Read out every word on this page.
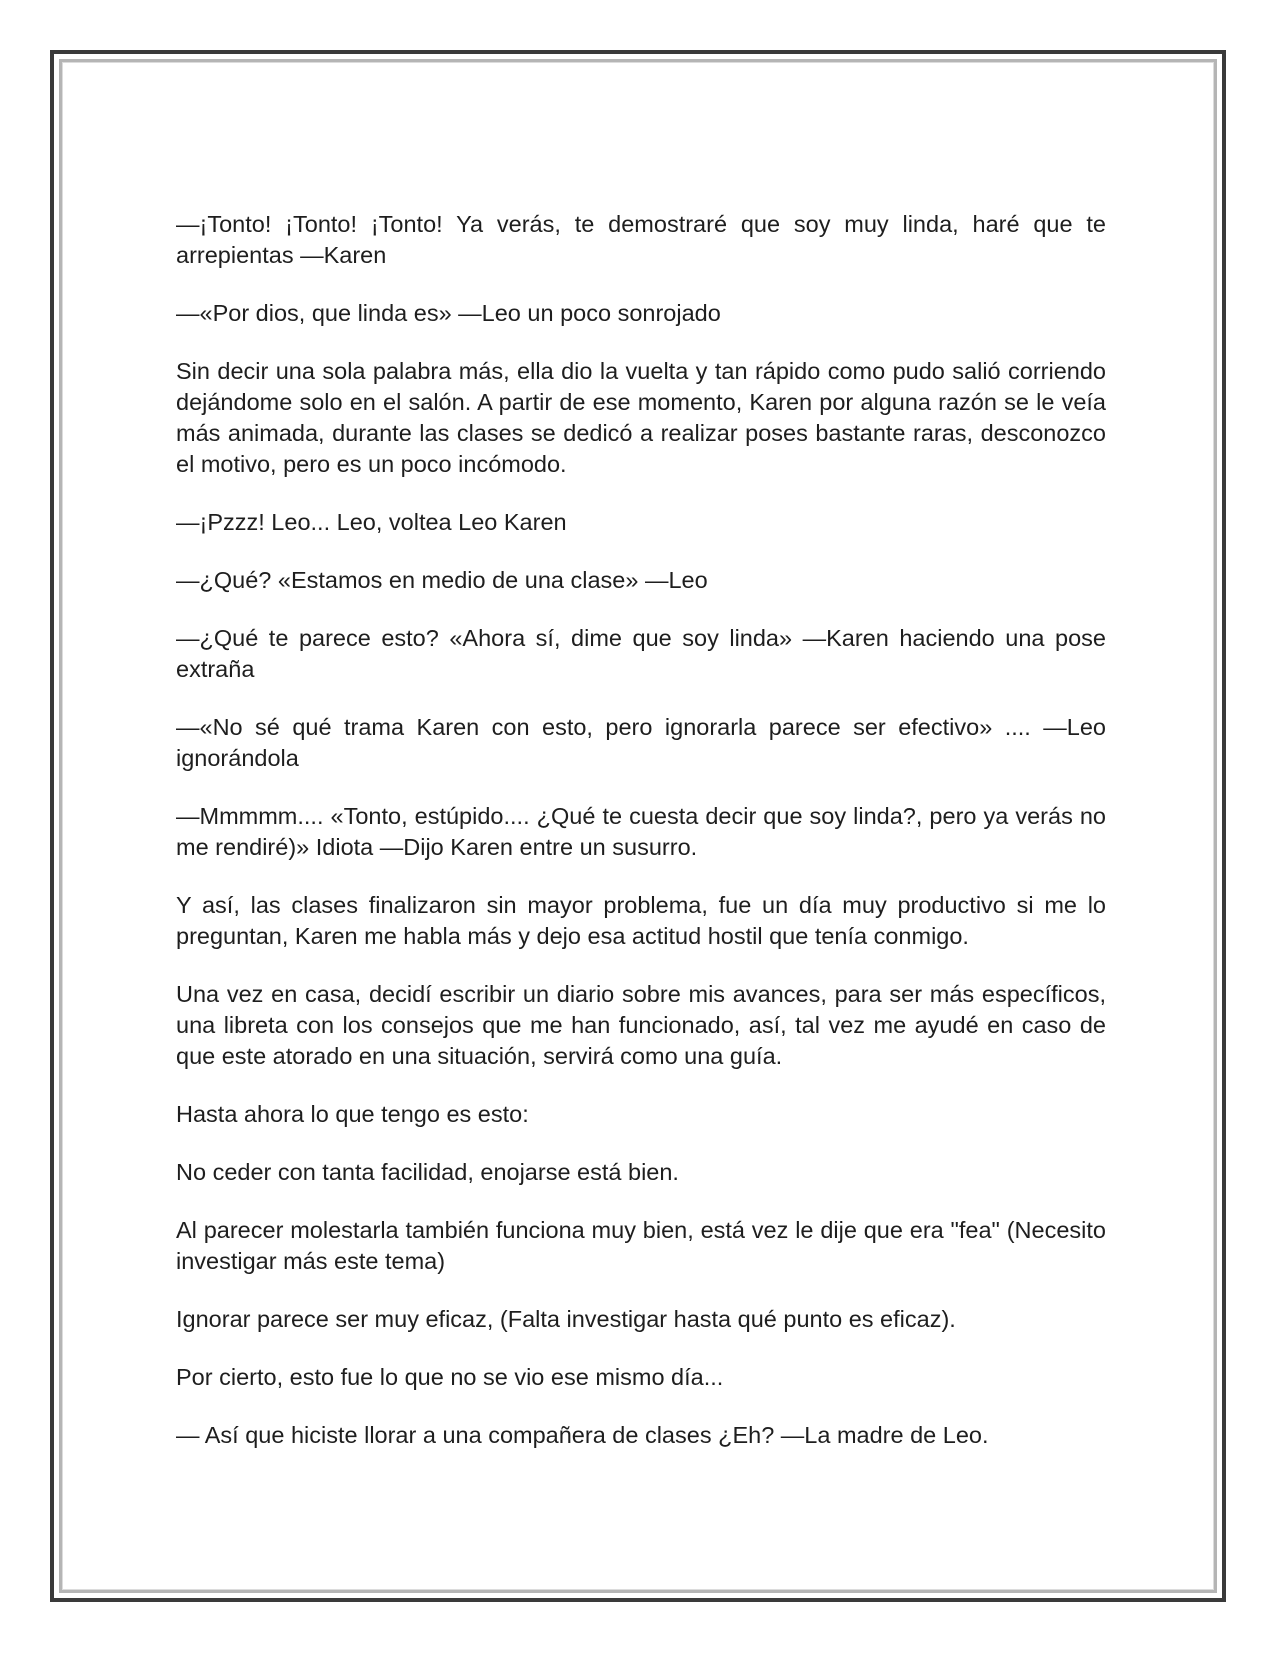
—¡Tonto! ¡Tonto! ¡Tonto! Ya verás, te demostraré que soy muy linda, haré que te arrepientas —Karen

—«Por dios, que linda es» —Leo un poco sonrojado

Sin decir una sola palabra más, ella dio la vuelta y tan rápido como pudo salió corriendo dejándome solo en el salón. A partir de ese momento, Karen por alguna razón se le veía más animada, durante las clases se dedicó a realizar poses bastante raras, desconozco el motivo, pero es un poco incómodo.

—¡Pzzz! Leo... Leo, voltea Leo Karen

—¿Qué? «Estamos en medio de una clase» —Leo

—¿Qué te parece esto? «Ahora sí, dime que soy linda» —Karen haciendo una pose extraña

—«No sé qué trama Karen con esto, pero ignorarla parece ser efectivo» .... —Leo ignorándola

—Mmmmm.... «Tonto, estúpido.... ¿Qué te cuesta decir que soy linda?, pero ya verás no me rendiré)» Idiota —Dijo Karen entre un susurro.

Y así, las clases finalizaron sin mayor problema, fue un día muy productivo si me lo preguntan, Karen me habla más y dejo esa actitud hostil que tenía conmigo.

Una vez en casa, decidí escribir un diario sobre mis avances, para ser más específicos, una libreta con los consejos que me han funcionado, así, tal vez me ayudé en caso de que este atorado en una situación, servirá como una guía.

Hasta ahora lo que tengo es esto:

No ceder con tanta facilidad, enojarse está bien.

Al parecer molestarla también funciona muy bien, está vez le dije que era "fea" (Necesito investigar más este tema)

Ignorar parece ser muy eficaz, (Falta investigar hasta qué punto es eficaz).

Por cierto, esto fue lo que no se vio ese mismo día...

— Así que hiciste llorar a una compañera de clases ¿Eh? —La madre de Leo.
